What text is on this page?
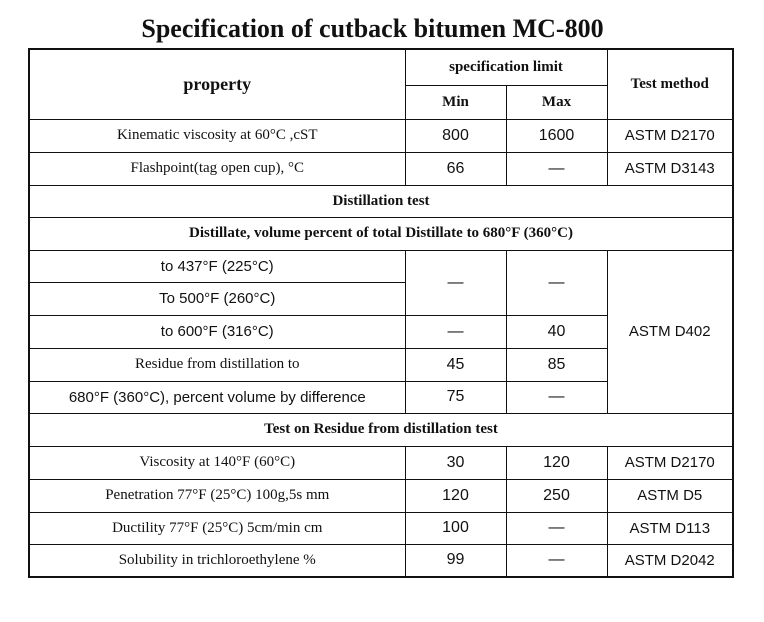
Specification of cutback bitumen MC-800
property	specification limit		Test method
	Min	Max	
Kinematic viscosity at 60°C ,cST	800	1600	ASTM D2170
Flashpoint(tag open cup), °C	66	—	ASTM D3143
Distillation test			
Distillate, volume percent of total Distillate to 680°F (360°C)			
to 437°F (225°C)	—	—	ASTM D402
To 500°F (260°C)			
to 600°F (316°C)	—	40	
Residue from distillation to	45	85	
680°F (360°C), percent volume by difference	75	—	
Test on Residue from distillation test			
Viscosity at 140°F (60°C)	30	120	ASTM D2170
Penetration 77°F (25°C) 100g,5s mm	120	250	ASTM D5
Ductility 77°F (25°C) 5cm/min cm	100	—	ASTM D113
Solubility in trichloroethylene %	99	—	ASTM D2042
